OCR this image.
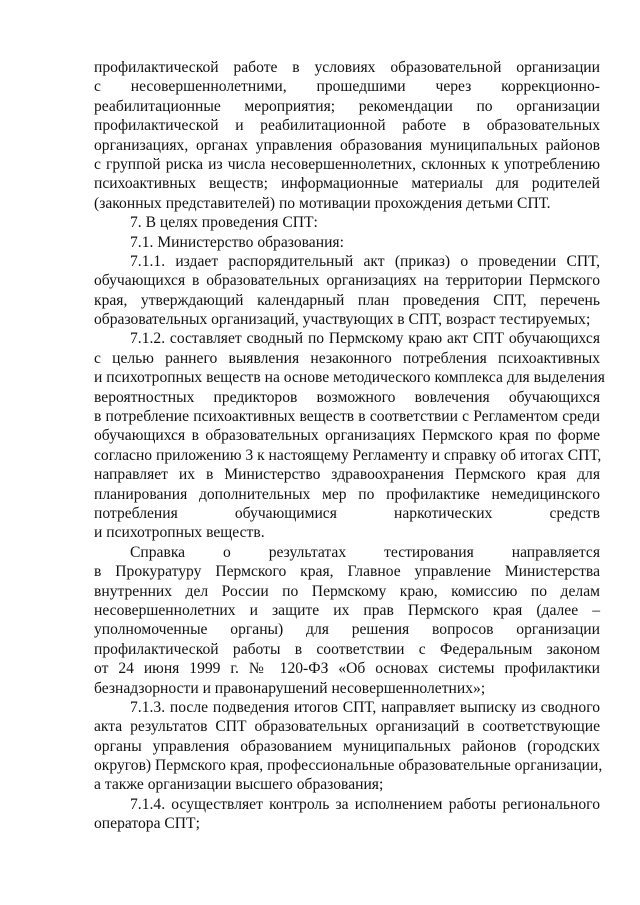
профилактической работе в условиях образовательной организации
с несовершеннолетними, прошедшими через коррекционно-
реабилитационные мероприятия; рекомендации по организации
профилактической и реабилитационной работе в образовательных
организациях, органах управления образования муниципальных районов
с группой риска из числа несовершеннолетних, склонных к употреблению
психоактивных веществ; информационные материалы для родителей
(законных представителей) по мотивации прохождения детьми СПТ.
7. В целях проведения СПТ:
7.1. Министерство образования:
7.1.1. издает распорядительный акт (приказ) о проведении СПТ,
обучающихся в образовательных организациях на территории Пермского
края, утверждающий календарный план проведения СПТ, перечень
образовательных организаций, участвующих в СПТ, возраст тестируемых;
7.1.2. составляет сводный по Пермскому краю акт СПТ обучающихся
с целью раннего выявления незаконного потребления психоактивных
и психотропных веществ на основе методического комплекса для выделения
вероятностных предикторов возможного вовлечения обучающихся
в потребление психоактивных веществ в соответствии с Регламентом среди
обучающихся в образовательных организациях Пермского края по форме
согласно приложению 3 к настоящему Регламенту и справку об итогах СПТ,
направляет их в Министерство здравоохранения Пермского края для
планирования дополнительных мер по профилактике немедицинского
потребления обучающимися наркотических средств
и психотропных веществ.
Справка о результатах тестирования направляется
в Прокуратуру Пермского края, Главное управление Министерства
внутренних дел России по Пермскому краю, комиссию по делам
несовершеннолетних и защите их прав Пермского края (далее –
уполномоченные органы) для решения вопросов организации
профилактической работы в соответствии с Федеральным законом
от 24 июня 1999 г. № 120-ФЗ «Об основах системы профилактики
безнадзорности и правонарушений несовершеннолетних»;
7.1.3. после подведения итогов СПТ, направляет выписку из сводного
акта результатов СПТ образовательных организаций в соответствующие
органы управления образованием муниципальных районов (городских
округов) Пермского края, профессиональные образовательные организации,
а также организации высшего образования;
7.1.4. осуществляет контроль за исполнением работы регионального
оператора СПТ;
